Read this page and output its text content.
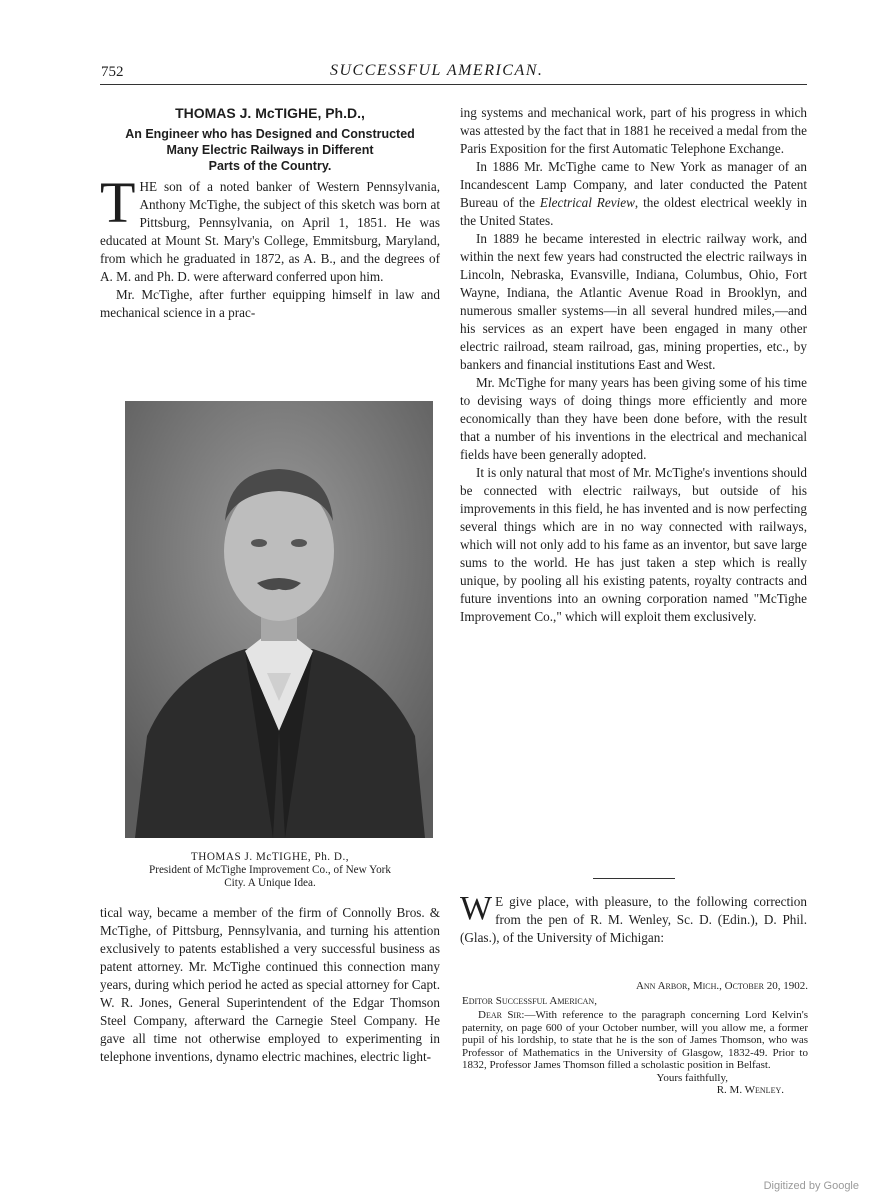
752	SUCCESSFUL AMERICAN.
THOMAS J. McTIGHE, Ph.D.,
An Engineer who has Designed and Constructed
Many Electric Railways in Different
Parts of the Country.

THE son of a noted banker of Western Pennsylvania, Anthony McTighe, the subject of this sketch was born at Pittsburg, Pennsylvania, on April 1, 1851. He was educated at Mount St. Mary's College, Emmitsburg, Maryland, from which he graduated in 1872, as A. B., and the degrees of A. M. and Ph. D. were afterward conferred upon him.

Mr. McTighe, after further equipping himself in law and mechanical science in a prac-

THOMAS J. McTIGHE, Ph. D.,
President of McTighe Improvement Co., of New York
City. A Unique Idea.

tical way, became a member of the firm of Connolly Bros. & McTighe, of Pittsburg, Pennsylvania, and turning his attention exclusively to patents established a very successful business as patent attorney. Mr. McTighe continued this connection many years, during which period he acted as special attorney for Capt. W. R. Jones, General Superintendent of the Edgar Thomson Steel Company, afterward the Carnegie Steel Company. He gave all time not otherwise employed to experimenting in telephone inventions, dynamo electric machines, electric light-

ing systems and mechanical work, part of his progress in which was attested by the fact that in 1881 he received a medal from the Paris Exposition for the first Automatic Telephone Exchange.

In 1886 Mr. McTighe came to New York as manager of an Incandescent Lamp Company, and later conducted the Patent Bureau of the Electrical Review, the oldest electrical weekly in the United States.

In 1889 he became interested in electric railway work, and within the next few years had constructed the electric railways in Lincoln, Nebraska, Evansville, Indiana, Columbus, Ohio, Fort Wayne, Indiana, the Atlantic Avenue Road in Brooklyn, and numerous smaller systems—in all several hundred miles,—and his services as an expert have been engaged in many other electric railroad, steam railroad, gas, mining properties, etc., by bankers and financial institutions East and West.

Mr. McTighe for many years has been giving some of his time to devising ways of doing things more efficiently and more economically than they have been done before, with the result that a number of his inventions in the electrical and mechanical fields have been generally adopted.

It is only natural that most of Mr. McTighe's inventions should be connected with electric railways, but outside of his improvements in this field, he has invented and is now perfecting several things which are in no way connected with railways, which will not only add to his fame as an inventor, but save large sums to the world. He has just taken a step which is really unique, by pooling all his existing patents, royalty contracts and future inventions into an owning corporation named "McTighe Improvement Co.," which will exploit them exclusively.

W E give place, with pleasure, to the following correction from the pen of R. M. Wenley, Sc. D. (Edin.), D. Phil. (Glas.), of the University of Michigan:

Ann Arbor, Mich., October 20, 1902.

Editor Successful American,

Dear Sir:—With reference to the paragraph concerning Lord Kelvin's paternity, on page 600 of your October number, will you allow me, a former pupil of his lordship, to state that he is the son of James Thomson, who was Professor of Mathematics in the University of Glasgow, 1832-49. Prior to 1832, Professor James Thomson filled a scholastic position in Belfast.

Yours faithfully,

R. M. Wenley.

Digitized by Google
